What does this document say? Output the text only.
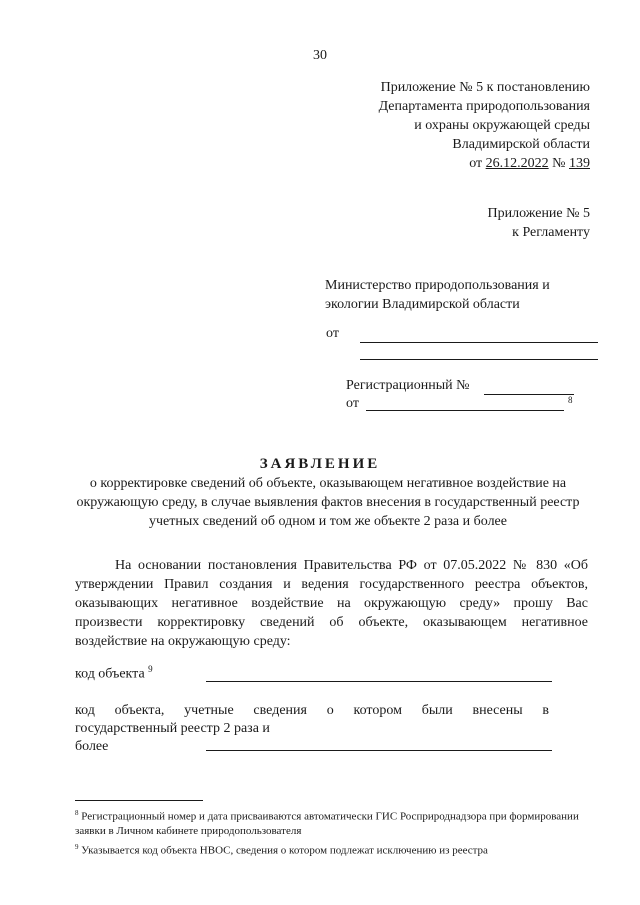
30
Приложение № 5 к постановлению
Департамента природопользования
и охраны окружающей среды
Владимирской области
от 26.12.2022 № 139
Приложение № 5
к Регламенту
Министерство природопользования и
экологии Владимирской области
от
Регистрационный №
8
от
ЗАЯВЛЕНИЕ
о корректировке сведений об объекте, оказывающем негативное воздействие на окружающую среду, в случае выявления фактов внесения в государственный реестр учетных сведений об одном и том же объекте 2 раза и более
На основании постановления Правительства РФ от 07.05.2022 № 830 «Об утверждении Правил создания и ведения государственного реестра объектов, оказывающих негативное воздействие на окружающую среду» прошу Вас произвести корректировку сведений об объекте, оказывающем негативное воздействие на окружающую среду:
код объекта $^9$
код объекта, учетные сведения о котором были внесены в
государственный реестр 2 раза и
более
$^8$ Регистрационный номер и дата присваиваются автоматически ГИС Росприроднадзора при формировании заявки в Личном кабинете природопользователя
$^9$ Указывается код объекта НВОС, сведения о котором подлежат исключению из реестра
